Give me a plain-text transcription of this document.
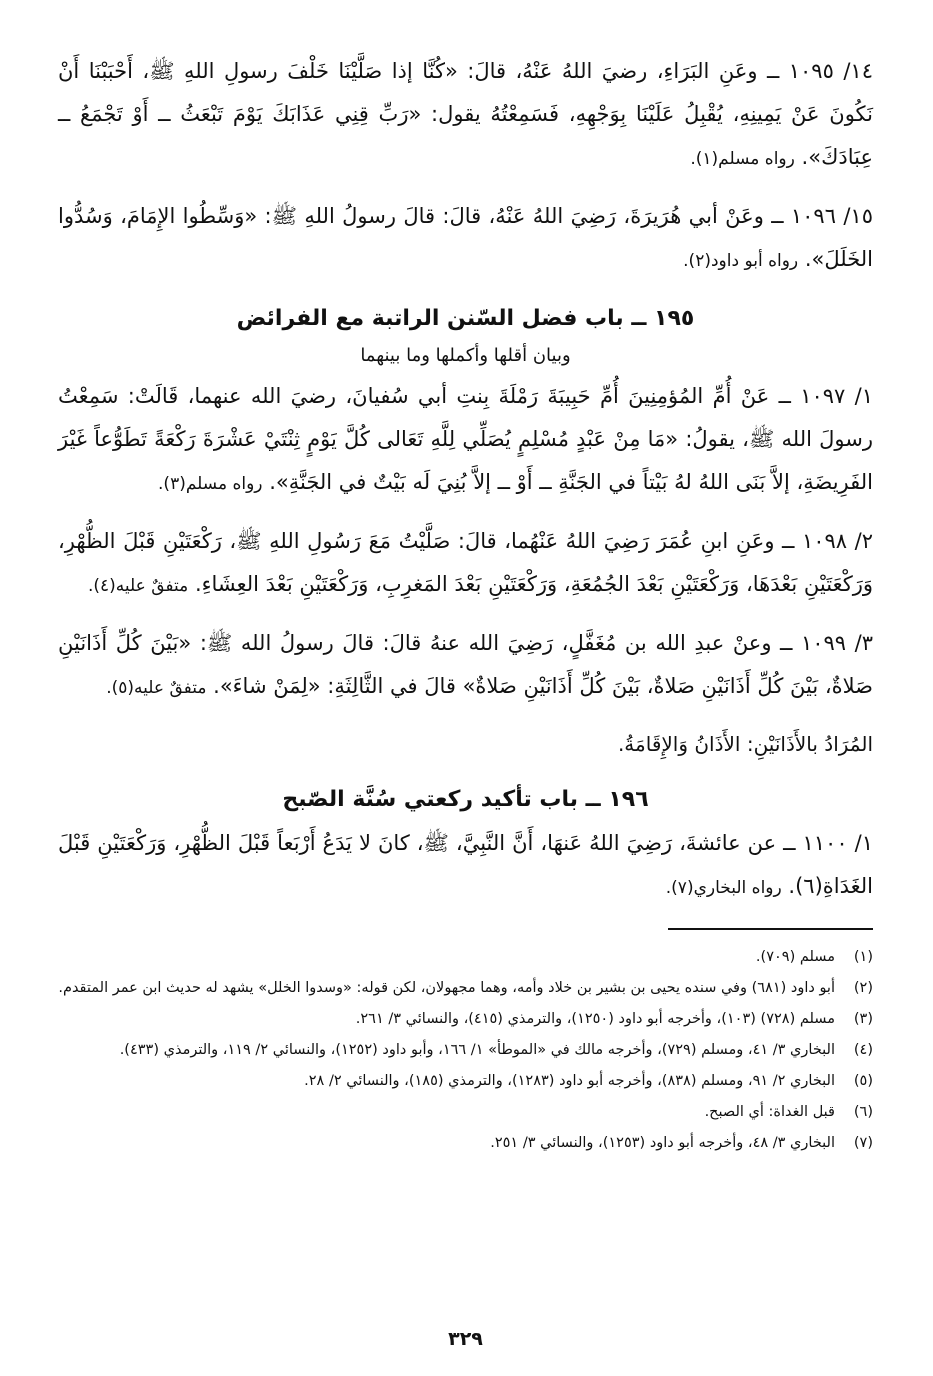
١٤/ ١٠٩٥ ــ وعَنِ البَرَاءِ، رضيَ اللهُ عَنْهُ، قالَ: «كُنَّا إذا صَلَّيْنَا خَلْفَ رسولِ اللهِ ﷺ، أَحْبَبْنَا أَنْ نَكُونَ عَنْ يَمِينِهِ، يُقْبِلُ عَلَيْنَا بِوَجْهِهِ، فَسَمِعْتُهُ يقول: «رَبِّ قِنِي عَذَابَكَ يَوْمَ تَبْعَثُ ــ أَوْ تَجْمَعُ ــ عِبَادَكَ». رواه مسلم(١).

١٥/ ١٠٩٦ ــ وعَنْ أبي هُرَيرَةَ، رَضِيَ اللهُ عَنْهُ، قالَ: قالَ رسولُ اللهِ ﷺ: «وَسِّطُوا الإِمَامَ، وَسُدُّوا الخَلَلَ». رواه أبو داود(٢).

١٩٥ ــ باب فضل السّنن الراتبة مع الفرائض
وبيان أقلها وأكملها وما بينهما

١/ ١٠٩٧ ــ عَنْ أُمِّ المُؤمِنِينَ أُمِّ حَبِيبَةَ رَمْلَةَ بِنتِ أبي سُفيانَ، رضيَ الله عنهما، قَالَتْ: سَمِعْتُ رسولَ الله ﷺ، يقولُ: «مَا مِنْ عَبْدٍ مُسْلِمٍ يُصَلِّي لِلَّهِ تَعَالى كُلَّ يَوْمٍ ثِنْتَيْ عَشْرَةَ رَكْعَةً تَطَوُّعاً غَيْرَ الفَرِيضَةِ، إلاَّ بَنَى اللهُ لهُ بَيْتاً في الجَنَّةِ ــ أَوْ ــ إلاَّ بُنِيَ لَه بَيْتٌ في الجَنَّةِ». رواه مسلم(٣).

٢/ ١٠٩٨ ــ وعَنِ ابنِ عُمَرَ رَضِيَ اللهُ عَنْهُما، قالَ: صَلَّيْتُ مَعَ رَسُولِ اللهِ ﷺ، رَكْعَتَيْنِ قَبْلَ الظُّهْرِ، وَرَكْعَتَيْنِ بَعْدَهَا، وَرَكْعَتَيْنِ بَعْدَ الجُمُعَةِ، وَرَكْعَتَيْنِ بَعْدَ المَغرِبِ، وَرَكْعَتَيْنِ بَعْدَ العِشَاءِ. متفقٌ عليه(٤).

٣/ ١٠٩٩ ــ وعنْ عبدِ الله بن مُغَفَّلٍ، رَضِيَ الله عنهُ قالَ: قالَ رسولُ الله ﷺ: «بَيْنَ كُلِّ أَذَانَيْنِ صَلاةٌ، بَيْنَ كُلِّ أَذَانَيْنِ صَلاةٌ، بَيْنَ كُلِّ أَذَانَيْنِ صَلاةٌ» قالَ في الثَّالِثَةِ: «لِمَنْ شاءَ». متفقٌ عليه(٥).

المُرَادُ بالأَذَانَيْنِ: الأَذَانُ وَالإِقَامَةُ.

١٩٦ ــ باب تأكيد ركعتي سُنَّة الصّبح

١/ ١١٠٠ ــ عن عائشةَ، رَضِيَ اللهُ عَنهَا، أَنَّ النَّبِيَّ، ﷺ، كانَ لا يَدَعُ أَرْبَعاً قَبْلَ الظُّهْرِ، وَرَكْعَتَيْنِ قَبْلَ الغَدَاةِ(٦). رواه البخاري(٧).

(١)
مسلم (٧٠٩).
(٢)
أبو داود (٦٨١) وفي سنده يحيى بن بشير بن خلاد وأمه، وهما مجهولان، لكن قوله: «وسدوا الخلل» يشهد له حديث ابن عمر المتقدم.
(٣)
مسلم (٧٢٨) (١٠٣)، وأخرجه أبو داود (١٢٥٠)، والترمذي (٤١٥)، والنسائي ٣/ ٢٦١.
(٤)
البخاري ٣/ ٤١، ومسلم (٧٢٩)، وأخرجه مالك في «الموطأ» ١/ ١٦٦، وأبو داود (١٢٥٢)، والنسائي ٢/ ١١٩، والترمذي (٤٣٣).
(٥)
البخاري ٢/ ٩١، ومسلم (٨٣٨)، وأخرجه أبو داود (١٢٨٣)، والترمذي (١٨٥)، والنسائي ٢/ ٢٨.
(٦)
قبل الغداة: أي الصبح.
(٧)
البخاري ٣/ ٤٨، وأخرجه أبو داود (١٢٥٣)، والنسائي ٣/ ٢٥١.
٣٢٩
